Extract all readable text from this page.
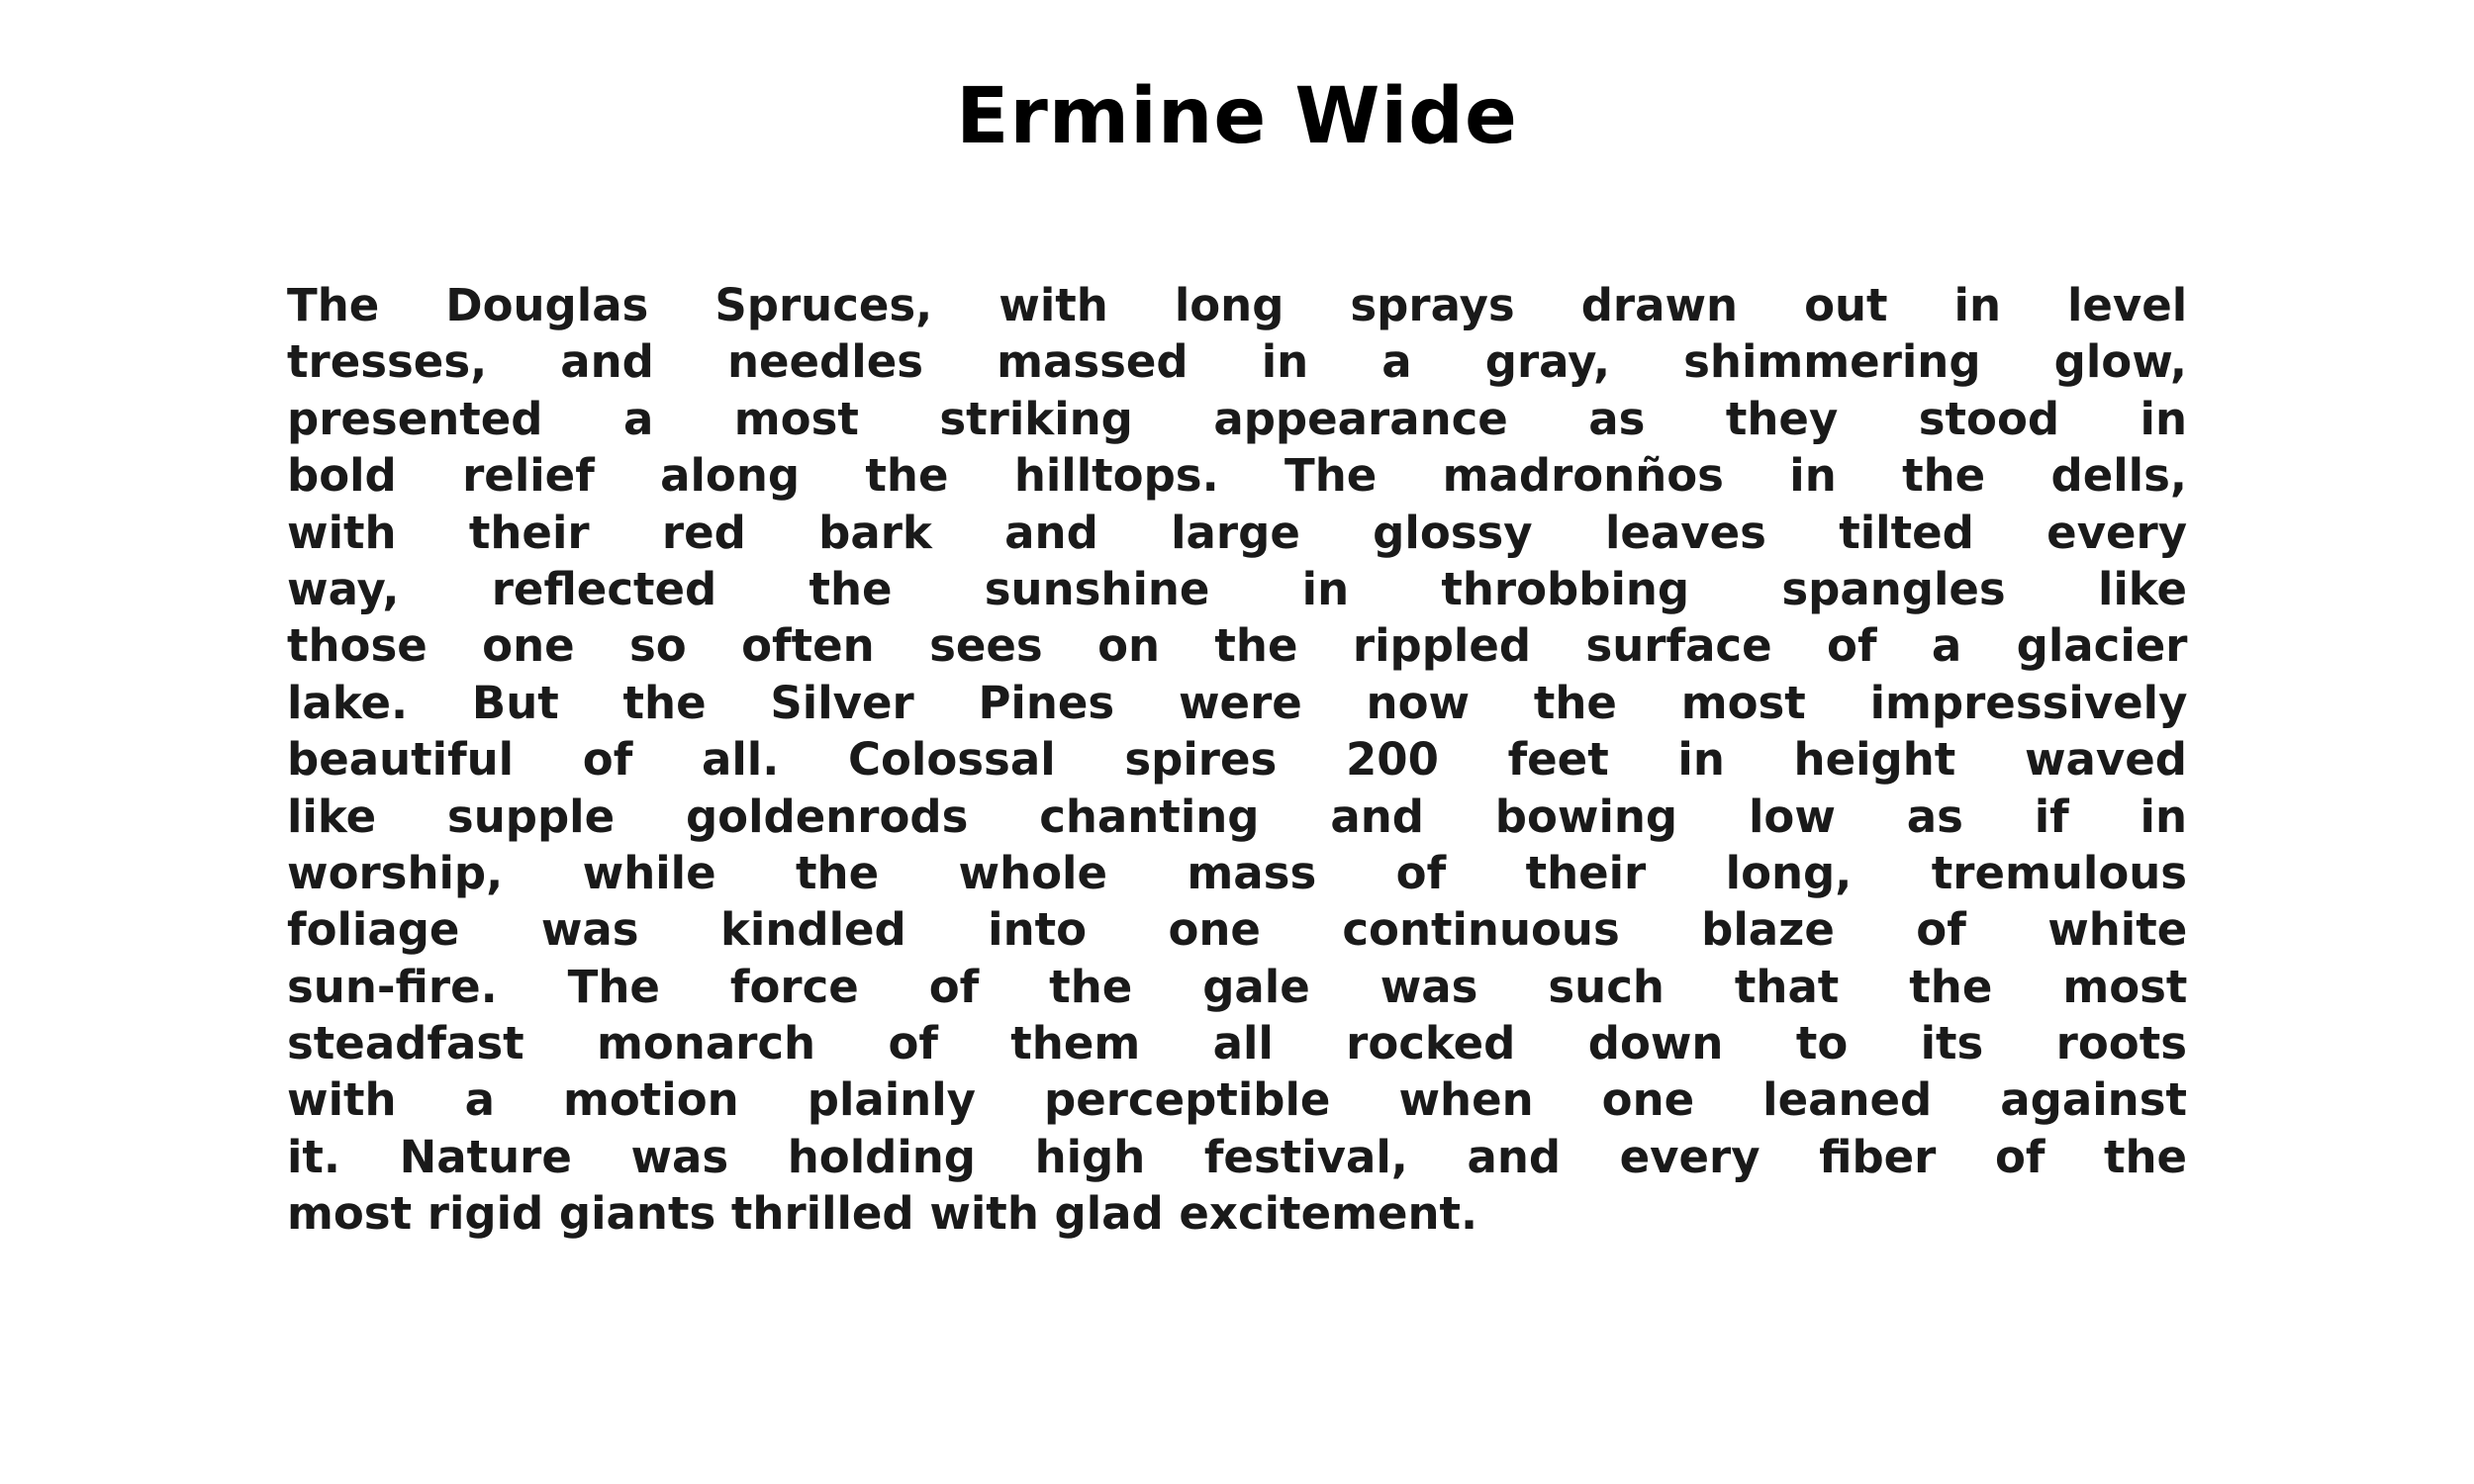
Ermine Wide
The Douglas Spruces, with long sprays drawn out in level
tresses, and needles massed in a gray, shimmering glow,
presented a most striking appearance as they stood in
bold relief along the hilltops. The madronños in the dells,
with their red bark and large glossy leaves tilted every
way, reflected the sunshine in throbbing spangles like
those one so often sees on the rippled surface of a glacier
lake. But the Silver Pines were now the most impressively
beautiful of all. Colossal spires 200 feet in height waved
like supple goldenrods chanting and bowing low as if in
worship, while the whole mass of their long, tremulous
foliage was kindled into one continuous blaze of white
sun-fire. The force of the gale was such that the most
steadfast monarch of them all rocked down to its roots
with a motion plainly perceptible when one leaned against
it. Nature was holding high festival, and every fiber of the
most rigid giants thrilled with glad excitement.
